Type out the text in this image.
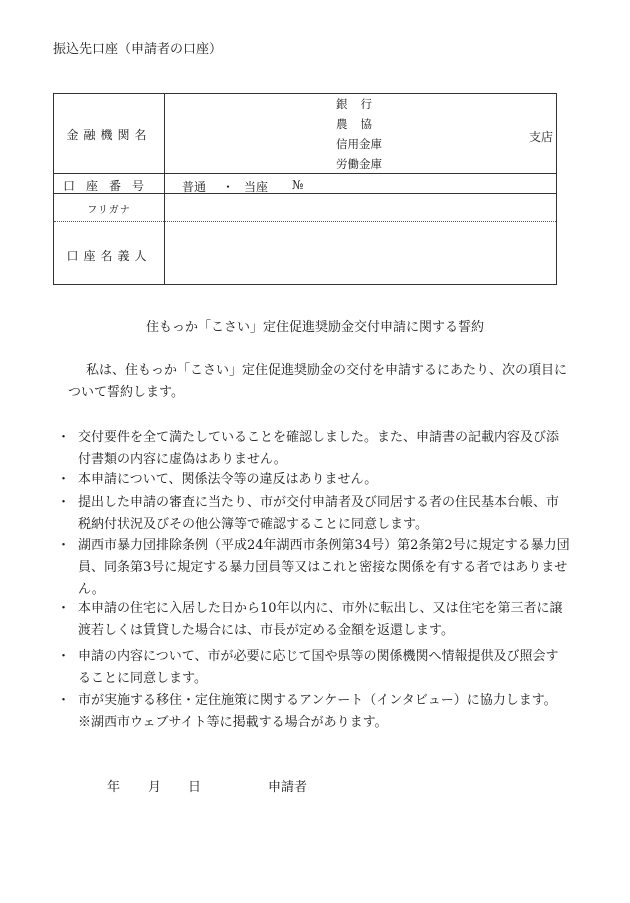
振込先口座（申請者の口座）
金融機関名
銀行
農協
信用金庫
労働金庫
支店
口座番号	普通 ・ 当座 №
フリガナ
口座名義人
住もっか「こさい」定住促進奨励金交付申請に関する誓約
私は、住もっか「こさい」定住促進奨励金の交付を申請するにあたり、次の項目に
ついて誓約します。
・ 交付要件を全て満たしていることを確認しました。また、申請書の記載内容及び添
付書類の内容に虚偽はありません。
・ 本申請について、関係法令等の違反はありません。
・ 提出した申請の審査に当たり、市が交付申請者及び同居する者の住民基本台帳、市
税納付状況及びその他公簿等で確認することに同意します。
・ 湖西市暴力団排除条例（平成24年湖西市条例第34号）第2条第2号に規定する暴力団
員、同条第3号に規定する暴力団員等又はこれと密接な関係を有する者ではありませ
ん。
・ 本申請の住宅に入居した日から10年以内に、市外に転出し、又は住宅を第三者に譲
渡若しくは賃貸した場合には、市長が定める金額を返還します。
・ 申請の内容について、市が必要に応じて国や県等の関係機関へ情報提供及び照会す
ることに同意します。
・ 市が実施する移住・定住施策に関するアンケート（インタビュー）に協力します。
※湖西市ウェブサイト等に掲載する場合があります。
年 月 日	申請者
